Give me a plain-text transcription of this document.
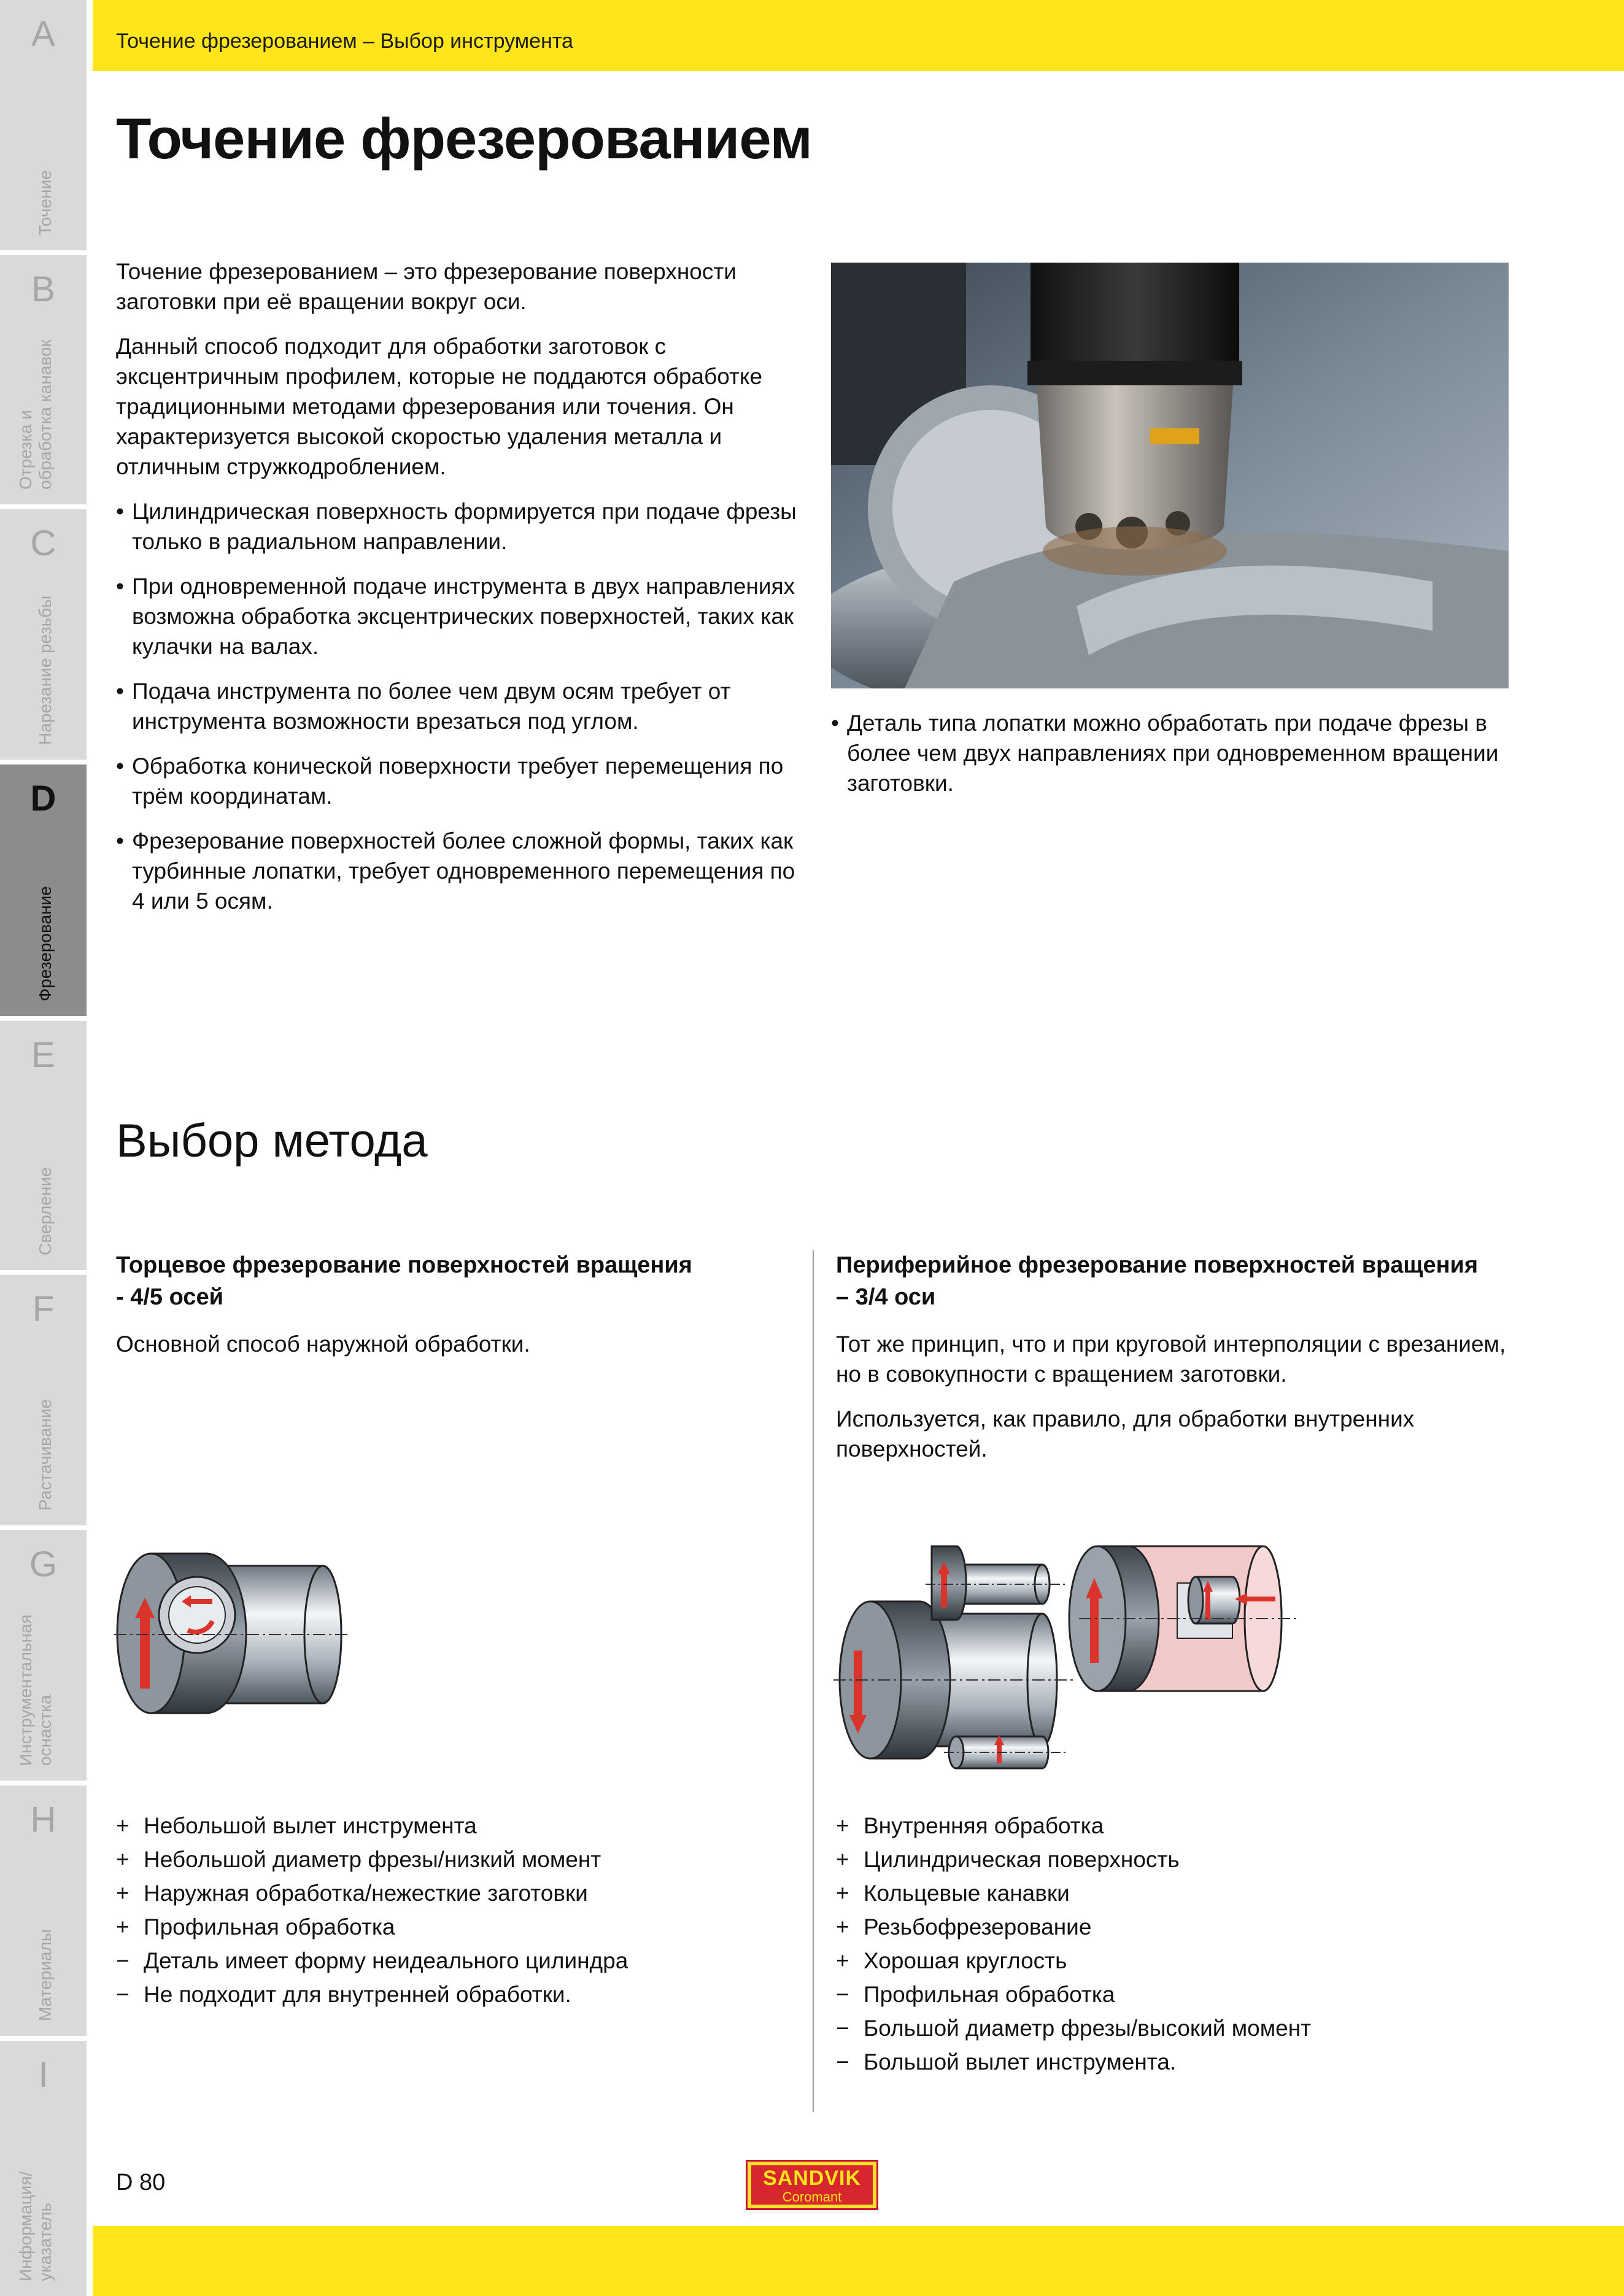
A
Точение
B
Отрезка и
обработка канавок
C
Нарезание резьбы
D
Фрезерование
E
Сверление
F
Растачивание
G
Инструментальная
оснастка
H
Материалы
I
Информация/
указатель
Точение фрезерованием – Выбор инструмента
Точение фрезерованием

Точение фрезерованием – это фрезерование поверхности заготовки при её вращении вокруг оси.

Данный способ подходит для обработки заготовок с эксцентричным профилем, которые не поддаются обработке традиционными методами фрезерования или точения. Он характеризуется высокой скоростью удаления металла и отличным стружкодроблением.

• Цилиндрическая поверхность формируется при подаче фрезы только в радиальном направлении.
• При одновременной подаче инструмента в двух направлениях возможна обработка эксцентрических поверхностей, таких как кулачки на валах.
• Подача инструмента по более чем двум осям требует от инструмента возможности врезаться под углом.
• Обработка конической поверхности требует перемещения по трём координатам.
• Фрезерование поверхностей более сложной формы, таких как турбинные лопатки, требует одновременного перемещения по 4 или 5 осям.
• Деталь типа лопатки можно обработать при подаче фрезы в более чем двух направлениях при одновременном вращении заготовки.
Выбор метода
Торцевое фрезерование поверхностей вращения
- 4/5 осей

Основной способ наружной обработки.

Периферийное фрезерование поверхностей вращения
– 3/4 оси

Тот же принцип, что и при круговой интерполяции с врезанием, но в совокупности с вращением заготовки.

Используется, как правило, для обработки внутренних поверхностей.

+ Небольшой вылет инструмента
+ Небольшой диаметр фрезы/низкий момент
+ Наружная обработка/нежесткие заготовки
+ Профильная обработка
− Деталь имеет форму неидеального цилиндра
− Не подходит для внутренней обработки.
+ Внутренняя обработка
+ Цилиндрическая поверхность
+ Кольцевые канавки
+ Резьбофрезерование
+ Хорошая круглость
− Профильная обработка
− Большой диаметр фрезы/высокий момент
− Большой вылет инструмента.
D 80	SANDVIK
Coromant
